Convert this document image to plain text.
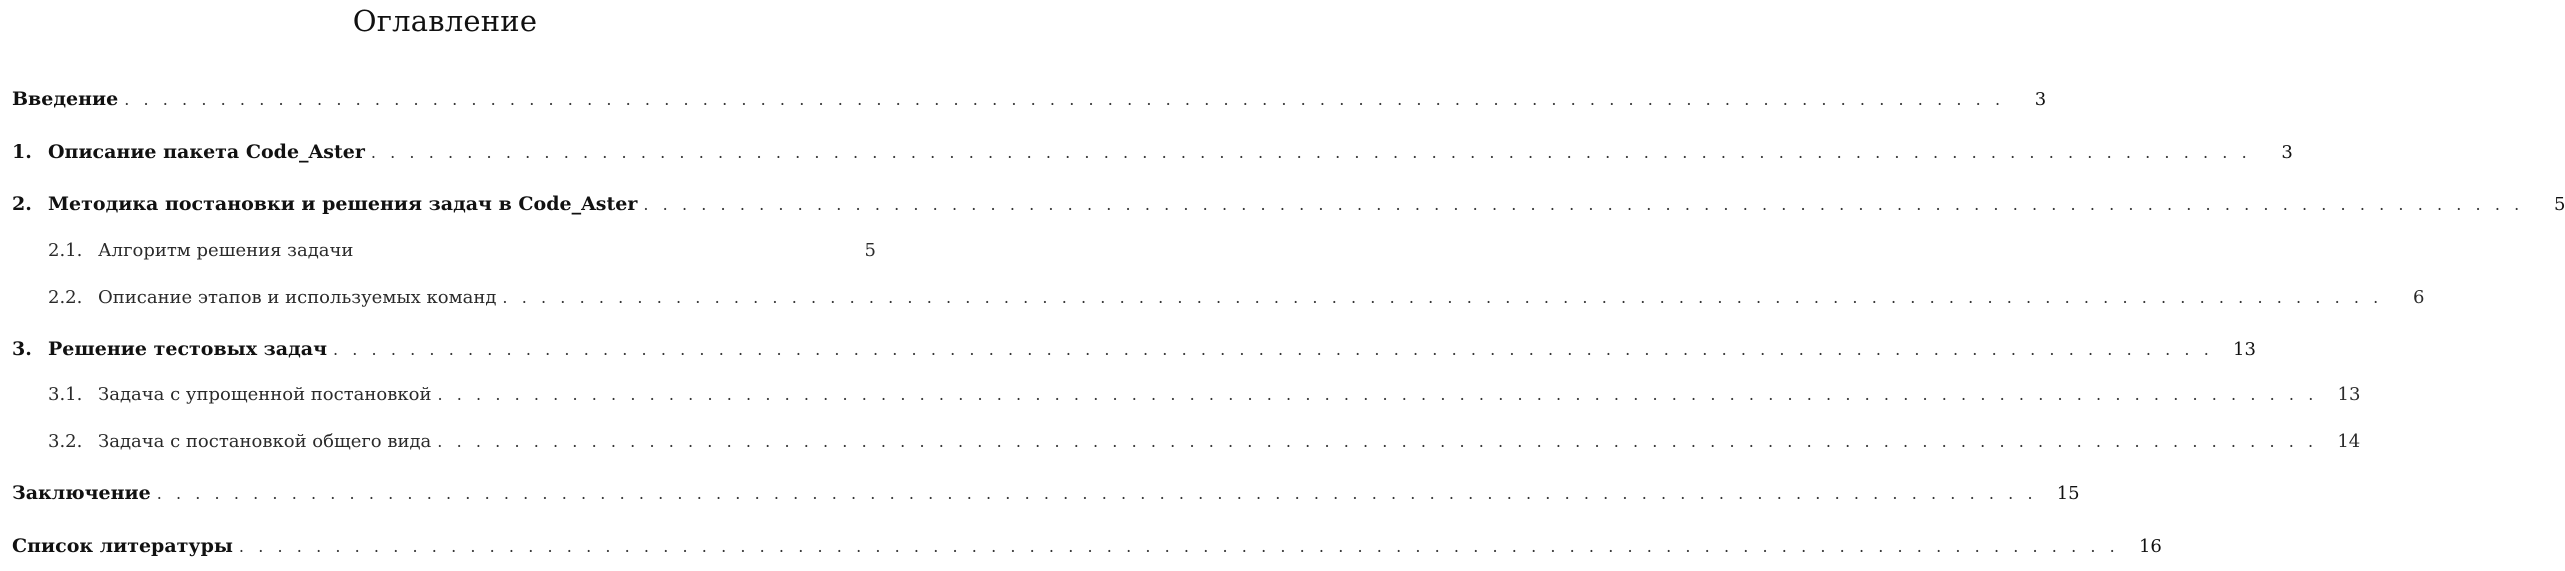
Оглавление
Введение ..................................................................................................	3
1. Описание пакета Code_Aster ..................................................................................................	3
2. Методика постановки и решения задач в Code_Aster ..................................................................................................	5
2.1. Алгоритм решения задачи	5
2.2. Описание этапов и используемых команд ..................................................................................................	6
3. Решение тестовых задач .................................................................................................. 13
3.1. Задача с упрощенной постановкой .................................................................................................. 13
3.2. Задача с постановкой общего вида .................................................................................................. 14
Заключение .................................................................................................. 15
Список литературы .................................................................................................. 16
